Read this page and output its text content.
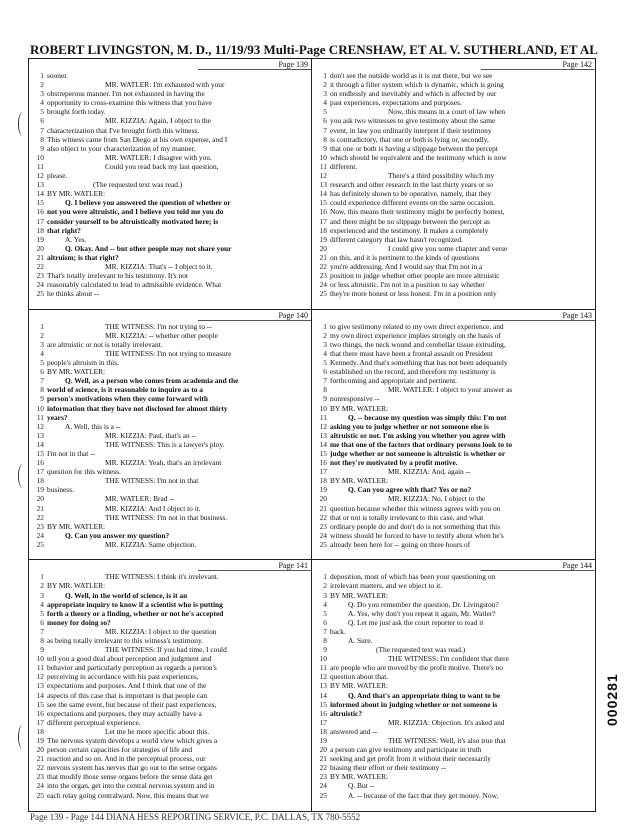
ROBERT LIVINGSTON, M. D., 11/19/93 Multi-Page CRENSHAW, ET AL V. SUTHERLAND, ET AL
Page 139
1 sooner.
2	MR. WATLER: I'm exhausted with your
3 obstreperous manner. I'm not exhausted in having the
4 opportunity to cross-examine this witness that you have
5 brought forth today.
6	MR. KIZZIA: Again, I object to the
7 characterization that I've brought forth this witness.
8 This witness came from San Diego at his own expense, and I
9 also object to your characterization of my manner.
10	MR. WATLER: I disagree with you.
11	Could you read back my last question,
12 please.
13	(The requested text was read.)
14 BY MR. WATLER:
15	Q. I believe you answered the question of whether or
16 not you were altruistic, and I believe you told me you do
17 consider yourself to be altruistically motivated here; is
18 that right?
19	A. Yes.
20	Q. Okay. And -- but other people may not share your
21 altruism; is that right?
22	MR. KIZZIA: That's -- I object to it.
23 That's totally irrelevant to his testimony. It's not
24 reasonably calculated to lead to admissible evidence. What
25 he thinks about --
Page 142
1 don't see the outside world as it is out there, but we see
2 it through a filter system which is dynamic, which is going
3 on endlessly and inevitably and which is affected by our
4 past experiences, expectations and purposes.
5	Now, this means in a court of law when
6 you ask two witnesses to give testimony about the same
7 event, in law you ordinarily interpret if their testimony
8 is contradictory, that one or both is lying or, secondly,
9 that one or both is having a slippage between the percept
10 which should be equivalent and the testimony which is now
11 different.
12	There's a third possibility which my
13 research and other research in the last thirty years or so
14 has definitely shown to be operative, namely, that they
15 could experience different events on the same occasion.
16 Now, this means their testimony might be perfectly honest,
17 and there might be no slippage between the percept as
18 experienced and the testimony. It makes a completely
19 different category that law hasn't recognized.
20	I could give you some chapter and verse
21 on this, and it is pertinent to the kinds of questions
22 you're addressing. And I would say that I'm not in a
23 position to judge whether other people are more altruistic
24 or less altruistic. I'm not in a position to say whether
25 they're more honest or less honest. I'm in a position only
Page 140
1	THE WITNESS: I'm not trying to --
2	MR. KIZZIA: -- whether other people
3 are altruistic or not is totally irrelevant.
4	THE WITNESS: I'm not trying to measure
5 people's altruism in this.
6 BY MR. WATLER:
7	Q. Well, as a person who comes from academia and the
8 world of science, is it reasonable to inquire as to a
9 person's motivations when they come forward with
10 information that they have not disclosed for almost thirty
11 years?
12	A. Well, this is a --
13	MR. KIZZIA: Paul, that's an --
14	THE WITNESS: This is a lawyer's ploy.
15 I'm not in that --
16	MR. KIZZIA: Yeah, that's an irrelevant
17 question for this witness.
18	THE WITNESS: I'm not in that
19 business.
20	MR. WATLER: Brad --
21	MR. KIZZIA: And I object to it.
22	THE WITNESS: I'm not in that business.
23 BY MR. WATLER:
24	Q. Can you answer my question?
25	MR. KIZZIA: Same objection.
Page 143
1 to give testimony related to my own direct experience, and
2 my own direct experience implies strongly on the basis of
3 two things, the neck wound and cerebellar tissue extruding,
4 that there must have been a frontal assault on President
5 Kennedy. And that's something that has not been adequately
6 established on the record, and therefore my testimony is
7 forthcoming and appropriate and pertinent.
8	MR. WATLER: I object to your answer as
9 nonresponsive --
10 BY MR. WATLER:
11	Q. -- because my question was simply this: I'm not
12 asking you to judge whether or not someone else is
13 altruistic or not. I'm asking you whether you agree with
14 me that one of the factors that ordinary persons look to to
15 judge whether or not someone is altruistic is whether or
16 not they're motivated by a profit motive.
17	MR. KIZZIA: And, again --
18 BY MR. WATLER:
19	Q. Can you agree with that? Yes or no?
20	MR. KIZZIA: No, I object to the
21 question because whether this witness agrees with you on
22 that or not is totally irrelevant to this case, and what
23 ordinary people do and don't do is not something that this
24 witness should be forced to have to testify about when he's
25 already been here for -- going on three hours of
Page 141
1	THE WITNESS: I think it's irrelevant.
2 BY MR. WATLER:
3	Q. Well, in the world of science, is it an
4 appropriate inquiry to know if a scientist who is putting
5 forth a theory or a finding, whether or not he's accepted
6 money for doing so?
7	MR. KIZZIA: I object to the question
8 as being totally irrelevant to this witness's testimony.
9	THE WITNESS: If you had time, I could
10 tell you a good deal about perception and judgment and
11 behavior and particularly perception as regards a person's
12 perceiving in accordance with his past experiences,
13 expectations and purposes. And I think that one of the
14 aspects of this case that is important is that people can
15 see the same event, but because of their past experiences,
16 expectations and purposes, they may actually have a
17 different perceptual experience.
18	Let me be more specific about this.
19 The nervous system develops a world view which gives a
20 person certain capacities for strategies of life and
21 reaction and so on. And in the perceptual process, our
22 nervous system has nerves that go out to the sense organs
23 that modify those sense organs before the sense data get
24 into the organ, get into the central nervous system and in
25 each relay going centralward. Now, this means that we
Page 144
1 deposition, most of which has been your questioning on
2 irrelevant matters, and we object to it.
3 BY MR. WATLER:
4	Q. Do you remember the question, Dr. Livingston?
5	A. Yes, why don't you repeat it again, Mr. Watler?
6	Q. Let me just ask the court reporter to read it
7 back.
8	A. Sure.
9	(The requested text was read.)
10	THE WITNESS: I'm confident that there
11 are people who are moved by the profit motive. There's no
12 question about that.
13 BY MR. WATLER:
14	Q. And that's an appropriate thing to want to be
15 informed about in judging whether or not someone is
16 altruistic?
17	MR. KIZZIA: Objection. It's asked and
18 answered and --
19	THE WITNESS: Well, it's also true that
20 a person can give testimony and participate in truth
21 seeking and get profit from it without their necessarily
22 biasing their effort or their testimony --
23 BY MR. WATLER:
24	Q. But --
25	A. -- because of the fact that they get money. Now,
000281
Page 139 - Page 144 DIANA HESS REPORTING SERVICE, P.C. DALLAS, TX 780-5552
